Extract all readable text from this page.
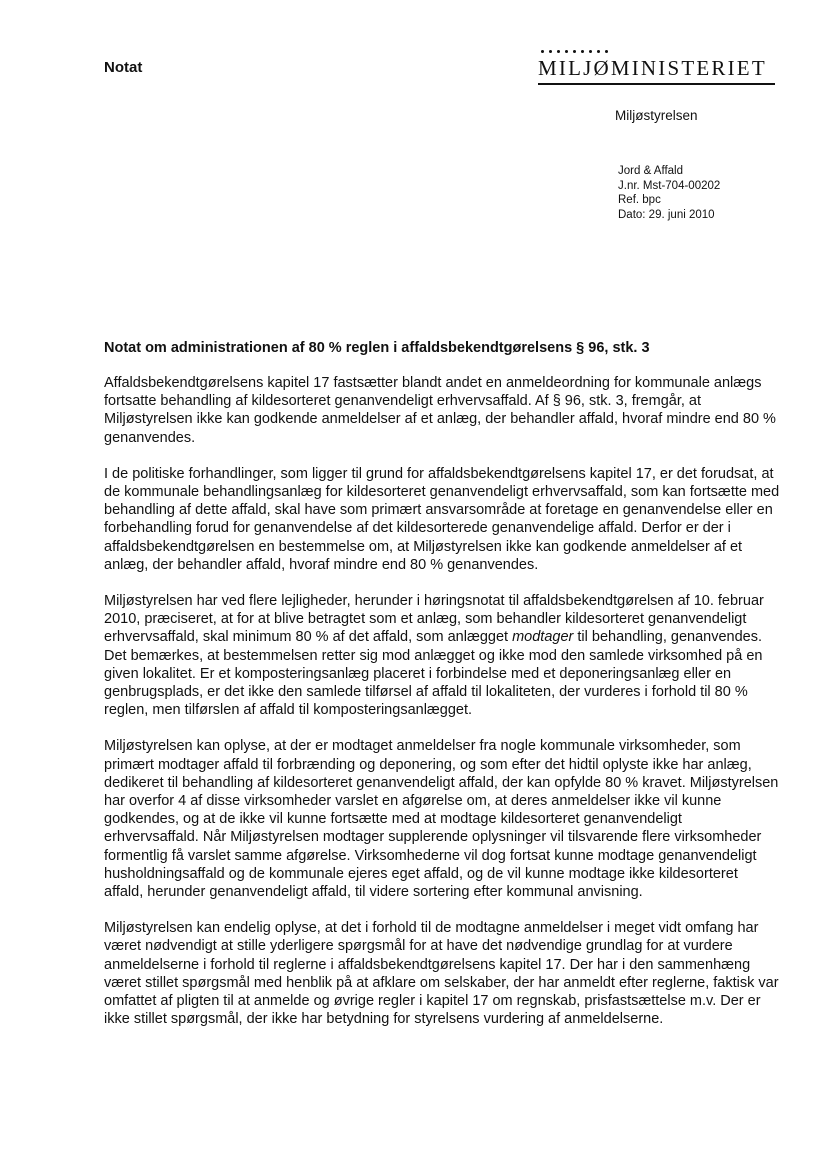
Notat	MILJØMINISTERIET
Miljøstyrelsen
Jord & Affald
J.nr. Mst-704-00202
Ref. bpc
Dato: 29. juni 2010
Notat om administrationen af 80 % reglen i affaldsbekendtgørelsens § 96, stk. 3

Affaldsbekendtgørelsens kapitel 17 fastsætter blandt andet en anmeldeordning for kommunale anlægs fortsatte behandling af kildesorteret genanvendeligt erhvervsaffald. Af § 96, stk. 3, fremgår, at Miljøstyrelsen ikke kan godkende anmeldelser af et anlæg, der behandler affald, hvoraf mindre end 80 % genanvendes.

I de politiske forhandlinger, som ligger til grund for affaldsbekendtgørelsens kapitel 17, er det forudsat, at de kommunale behandlingsanlæg for kildesorteret genanvendeligt erhvervsaffald, som kan fortsætte med behandling af dette affald, skal have som primært ansvarsområde at foretage en genanvendelse eller en forbehandling forud for genanvendelse af det kildesorterede genanvendelige affald. Derfor er der i affaldsbekendtgørelsen en bestemmelse om, at Miljøstyrelsen ikke kan godkende anmeldelser af et anlæg, der behandler affald, hvoraf mindre end 80 % genanvendes.

Miljøstyrelsen har ved flere lejligheder, herunder i høringsnotat til affaldsbekendtgørelsen af 10. februar 2010, præciseret, at for at blive betragtet som et anlæg, som behandler kildesorteret genanvendeligt erhvervsaffald, skal minimum 80 % af det affald, som anlægget modtager til behandling, genanvendes. Det bemærkes, at bestemmelsen retter sig mod anlægget og ikke mod den samlede virksomhed på en given lokalitet. Er et komposteringsanlæg placeret i forbindelse med et deponeringsanlæg eller en genbrugsplads, er det ikke den samlede tilførsel af affald til lokaliteten, der vurderes i forhold til 80 % reglen, men tilførslen af affald til komposteringsanlægget.

Miljøstyrelsen kan oplyse, at der er modtaget anmeldelser fra nogle kommunale virksomheder, som primært modtager affald til forbrænding og deponering, og som efter det hidtil oplyste ikke har anlæg, dedikeret til behandling af kildesorteret genanvendeligt affald, der kan opfylde 80 % kravet. Miljøstyrelsen har overfor 4 af disse virksomheder varslet en afgørelse om, at deres anmeldelser ikke vil kunne godkendes, og at de ikke vil kunne fortsætte med at modtage kildesorteret genanvendeligt erhvervsaffald. Når Miljøstyrelsen modtager supplerende oplysninger vil tilsvarende flere virksomheder formentlig få varslet samme afgørelse. Virksomhederne vil dog fortsat kunne modtage genanvendeligt husholdningsaffald og de kommunale ejeres eget affald, og de vil kunne modtage ikke kildesorteret affald, herunder genanvendeligt affald, til videre sortering efter kommunal anvisning.

Miljøstyrelsen kan endelig oplyse, at det i forhold til de modtagne anmeldelser i meget vidt omfang har været nødvendigt at stille yderligere spørgsmål for at have det nødvendige grundlag for at vurdere anmeldelserne i forhold til reglerne i affaldsbekendtgørelsens kapitel 17. Der har i den sammenhæng været stillet spørgsmål med henblik på at afklare om selskaber, der har anmeldt efter reglerne, faktisk var omfattet af pligten til at anmelde og øvrige regler i kapitel 17 om regnskab, prisfastsættelse m.v. Der er ikke stillet spørgsmål, der ikke har betydning for styrelsens vurdering af anmeldelserne.
